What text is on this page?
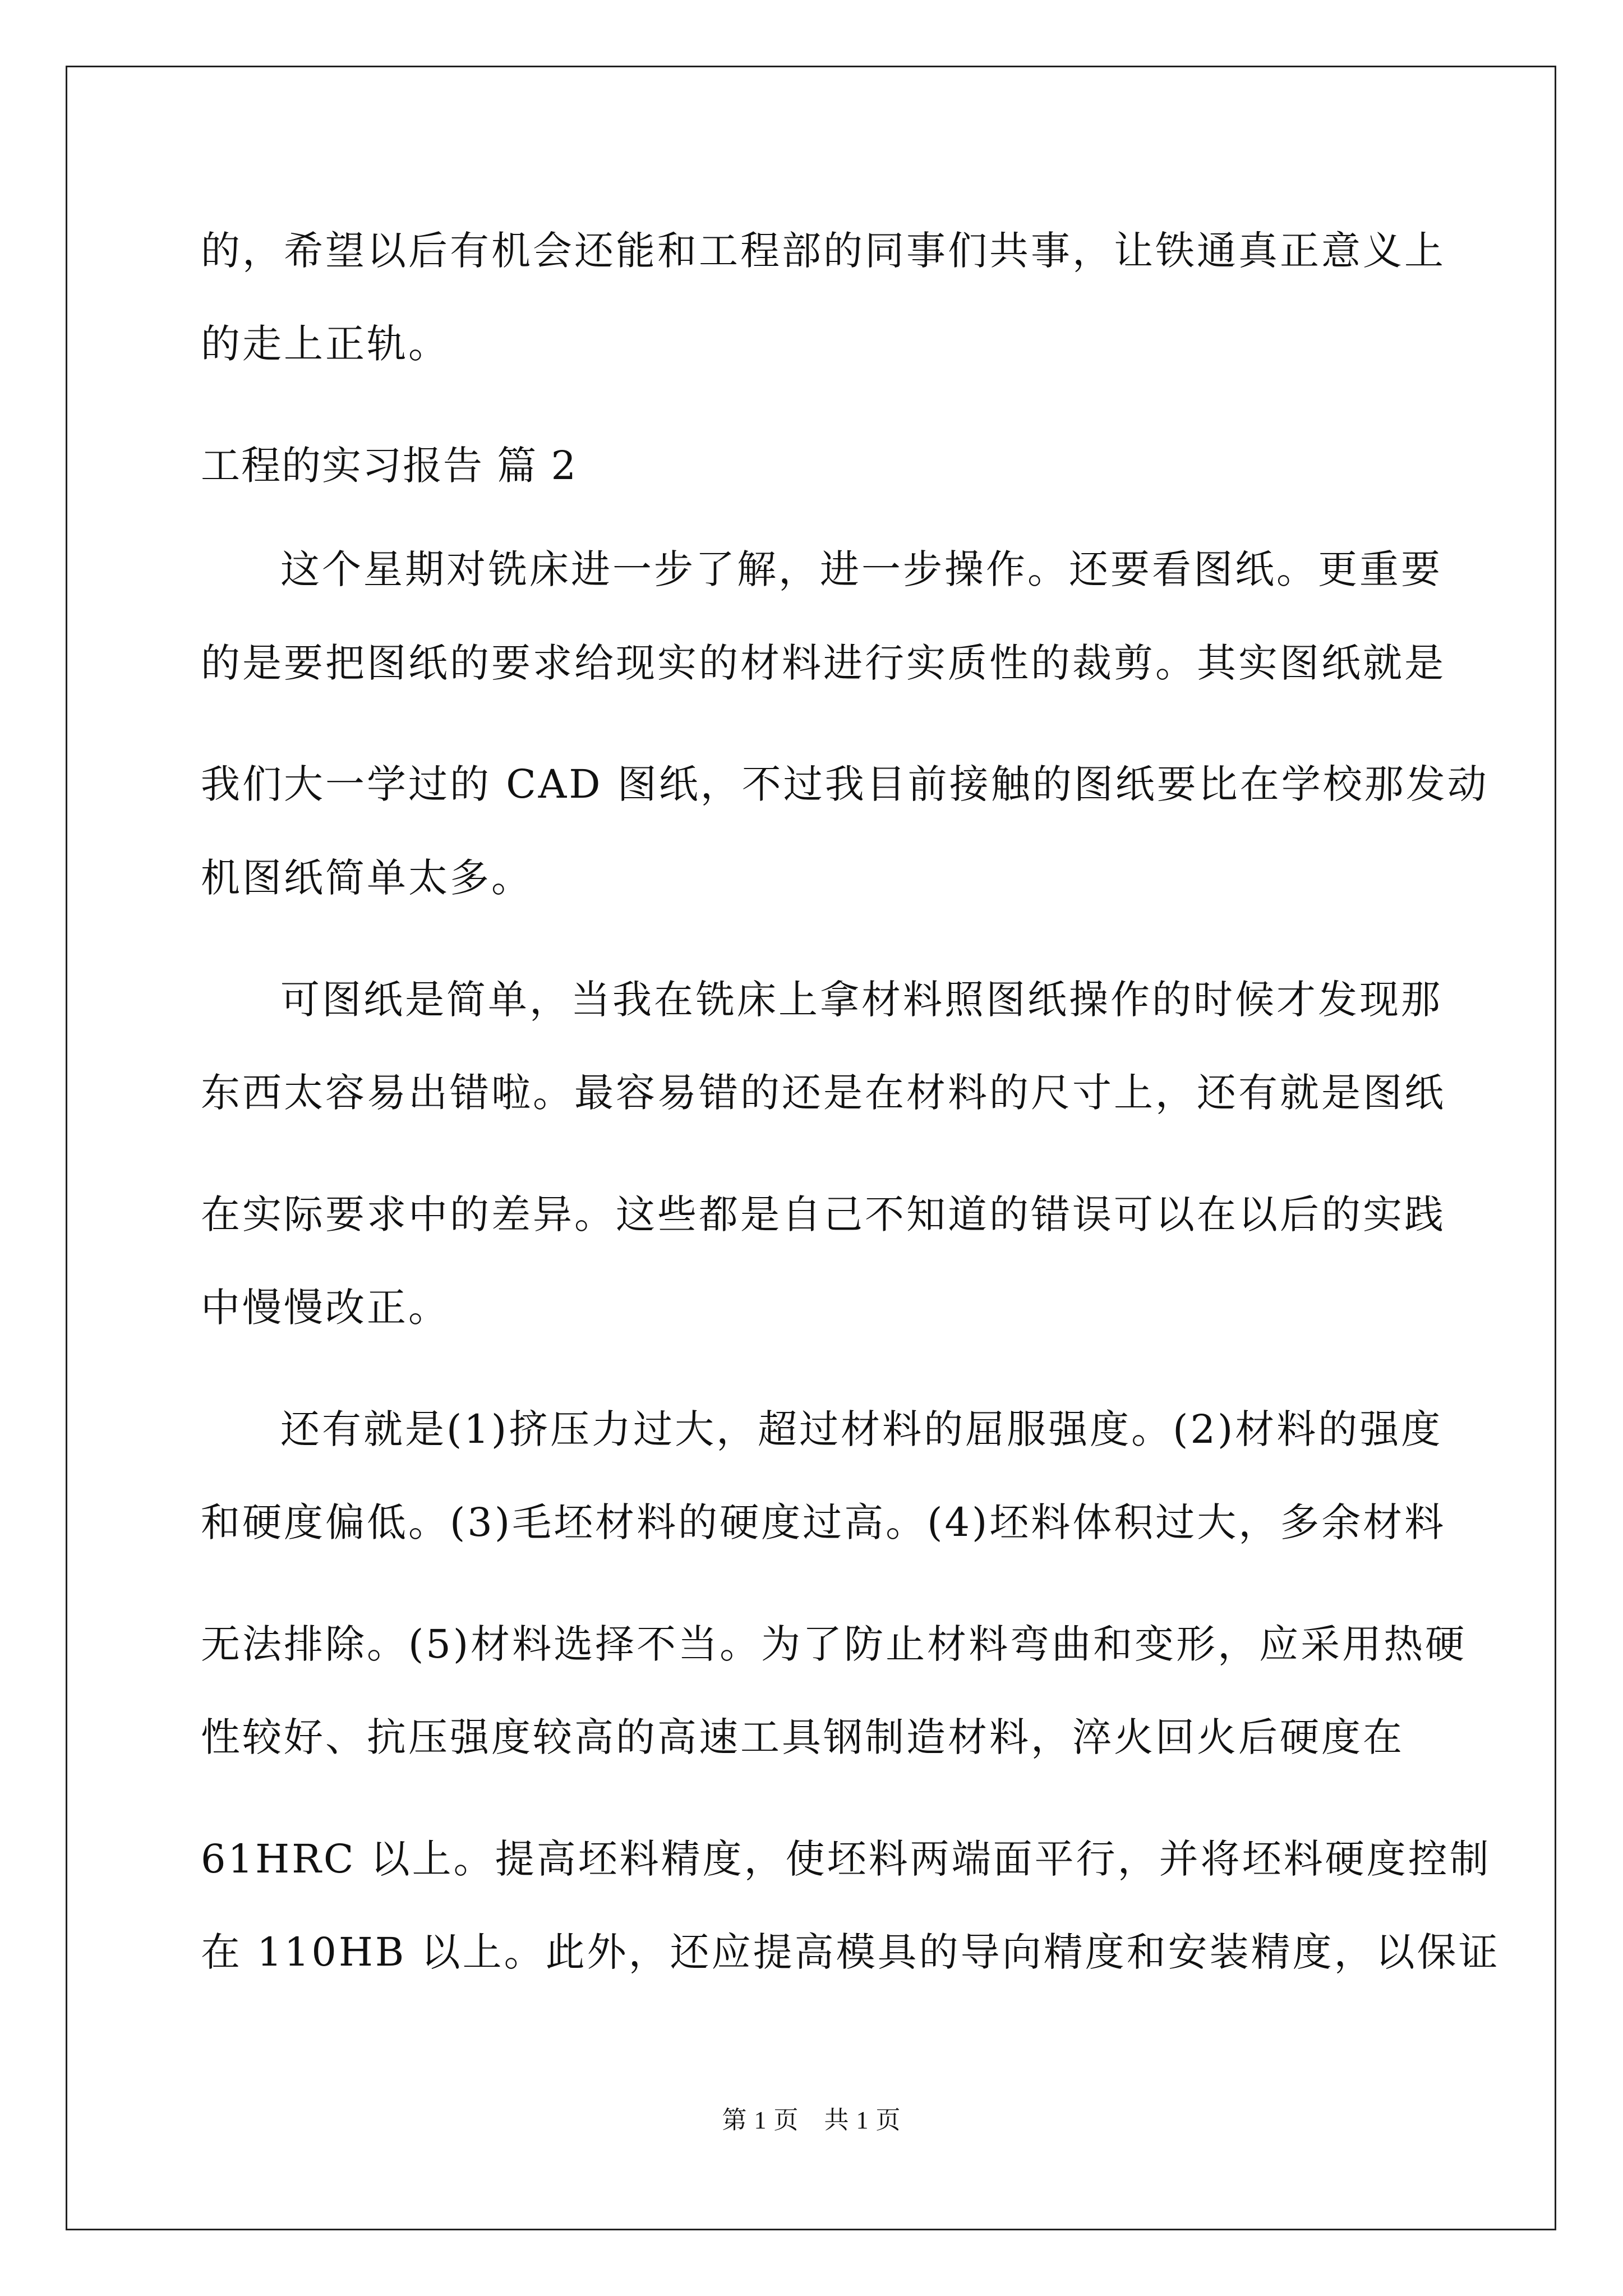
的，希望以后有机会还能和工程部的同事们共事，让铁通真正意义上
的走上正轨。
工程的实习报告 篇 2
这个星期对铣床进一步了解，进一步操作。还要看图纸。更重要
的是要把图纸的要求给现实的材料进行实质性的裁剪。其实图纸就是
我们大一学过的 CAD 图纸，不过我目前接触的图纸要比在学校那发动
机图纸简单太多。
可图纸是简单，当我在铣床上拿材料照图纸操作的时候才发现那
东西太容易出错啦。最容易错的还是在材料的尺寸上，还有就是图纸
在实际要求中的差异。这些都是自己不知道的错误可以在以后的实践
中慢慢改正。
还有就是(1)挤压力过大，超过材料的屈服强度。(2)材料的强度
和硬度偏低。(3)毛坯材料的硬度过高。(4)坯料体积过大，多余材料
无法排除。(5)材料选择不当。为了防止材料弯曲和变形，应采用热硬
性较好、抗压强度较高的高速工具钢制造材料，淬火回火后硬度在
61HRC 以上。提高坯料精度，使坯料两端面平行，并将坯料硬度控制
在 110HB 以上。此外，还应提高模具的导向精度和安装精度，以保证
第 1 页　共 1 页
